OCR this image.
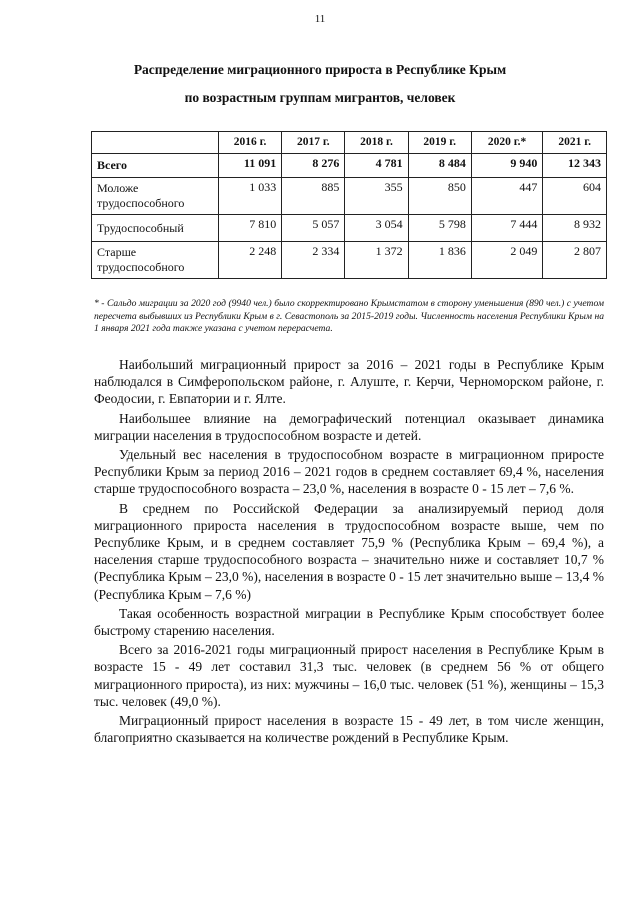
11
Распределение миграционного прироста в Республике Крым
по возрастным группам мигрантов, человек
	2016 г.	2017 г.	2018 г.	2019 г.	2020 г.*	2021 г.
Всего	11 091	8 276	4 781	8 484	9 940	12 343
Моложе трудоспособного	1 033	885	355	850	447	604
Трудоспособный	7 810	5 057	3 054	5 798	7 444	8 932
Старше трудоспособного	2 248	2 334	1 372	1 836	2 049	2 807
* - Сальдо миграции за 2020 год (9940 чел.) было скорректировано Крымстатом в сторону уменьшения (890 чел.) с учетом пересчета выбывших из Республики Крым в г. Севастополь за 2015-2019 годы. Численность населения Республики Крым на 1 января 2021 года также указана с учетом перерасчета.

Наибольший миграционный прирост за 2016 – 2021 годы в Республике Крым наблюдался в Симферопольском районе, г. Алуште, г. Керчи, Черноморском районе, г. Феодосии, г. Евпатории и г. Ялте.

Наибольшее влияние на демографический потенциал оказывает динамика миграции населения в трудоспособном возрасте и детей.

Удельный вес населения в трудоспособном возрасте в миграционном приросте Республики Крым за период 2016 – 2021 годов в среднем составляет 69,4 %, населения старше трудоспособного возраста – 23,0 %, населения в возрасте 0 - 15 лет – 7,6 %.

В среднем по Российской Федерации за анализируемый период доля миграционного прироста населения в трудоспособном возрасте выше, чем по Республике Крым, и в среднем составляет 75,9 % (Республика Крым – 69,4 %), а населения старше трудоспособного возраста – значительно ниже и составляет 10,7 % (Республика Крым – 23,0 %), населения в возрасте 0 - 15 лет значительно выше – 13,4 % (Республика Крым – 7,6 %)

Такая особенность возрастной миграции в Республике Крым способствует более быстрому старению населения.

Всего за 2016-2021 годы миграционный прирост населения в Республике Крым в возрасте 15 - 49 лет составил 31,3 тыс. человек (в среднем 56 % от общего миграционного прироста), из них: мужчины – 16,0 тыс. человек (51 %), женщины – 15,3 тыс. человек (49,0 %).

Миграционный прирост населения в возрасте 15 - 49 лет, в том числе женщин, благоприятно сказывается на количестве рождений в Республике Крым.
